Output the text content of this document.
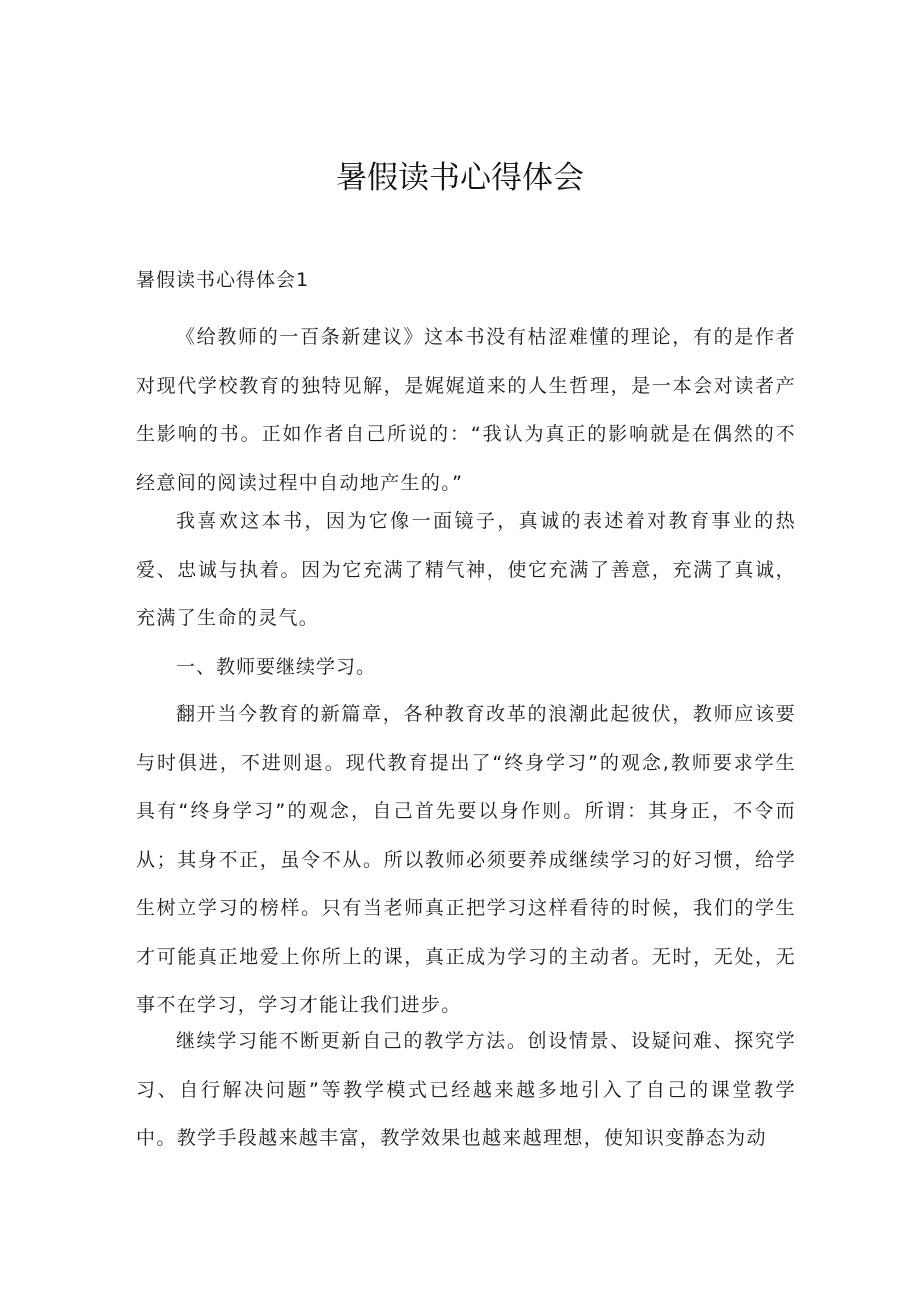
暑假读书心得体会
暑假读书心得体会1

《给教师的一百条新建议》这本书没有枯涩难懂的理论，有的是作者对现代学校教育的独特见解，是娓娓道来的人生哲理，是一本会对读者产生影响的书。正如作者自己所说的：“我认为真正的影响就是在偶然的不经意间的阅读过程中自动地产生的。”

我喜欢这本书，因为它像一面镜子，真诚的表述着对教育事业的热爱、忠诚与执着。因为它充满了精气神，使它充满了善意，充满了真诚，充满了生命的灵气。

一、教师要继续学习。

翻开当今教育的新篇章，各种教育改革的浪潮此起彼伏，教师应该要与时俱进，不进则退。现代教育提出了“终身学习”的观念,教师要求学生具有“终身学习”的观念，自己首先要以身作则。所谓：其身正，不令而从；其身不正，虽令不从。所以教师必须要养成继续学习的好习惯，给学生树立学习的榜样。只有当老师真正把学习这样看待的时候，我们的学生才可能真正地爱上你所上的课，真正成为学习的主动者。无时，无处，无事不在学习，学习才能让我们进步。

继续学习能不断更新自己的教学方法。创设情景、设疑问难、探究学习、自行解决问题”等教学模式已经越来越多地引入了自己的课堂教学中。教学手段越来越丰富，教学效果也越来越理想，使知识变静态为动
